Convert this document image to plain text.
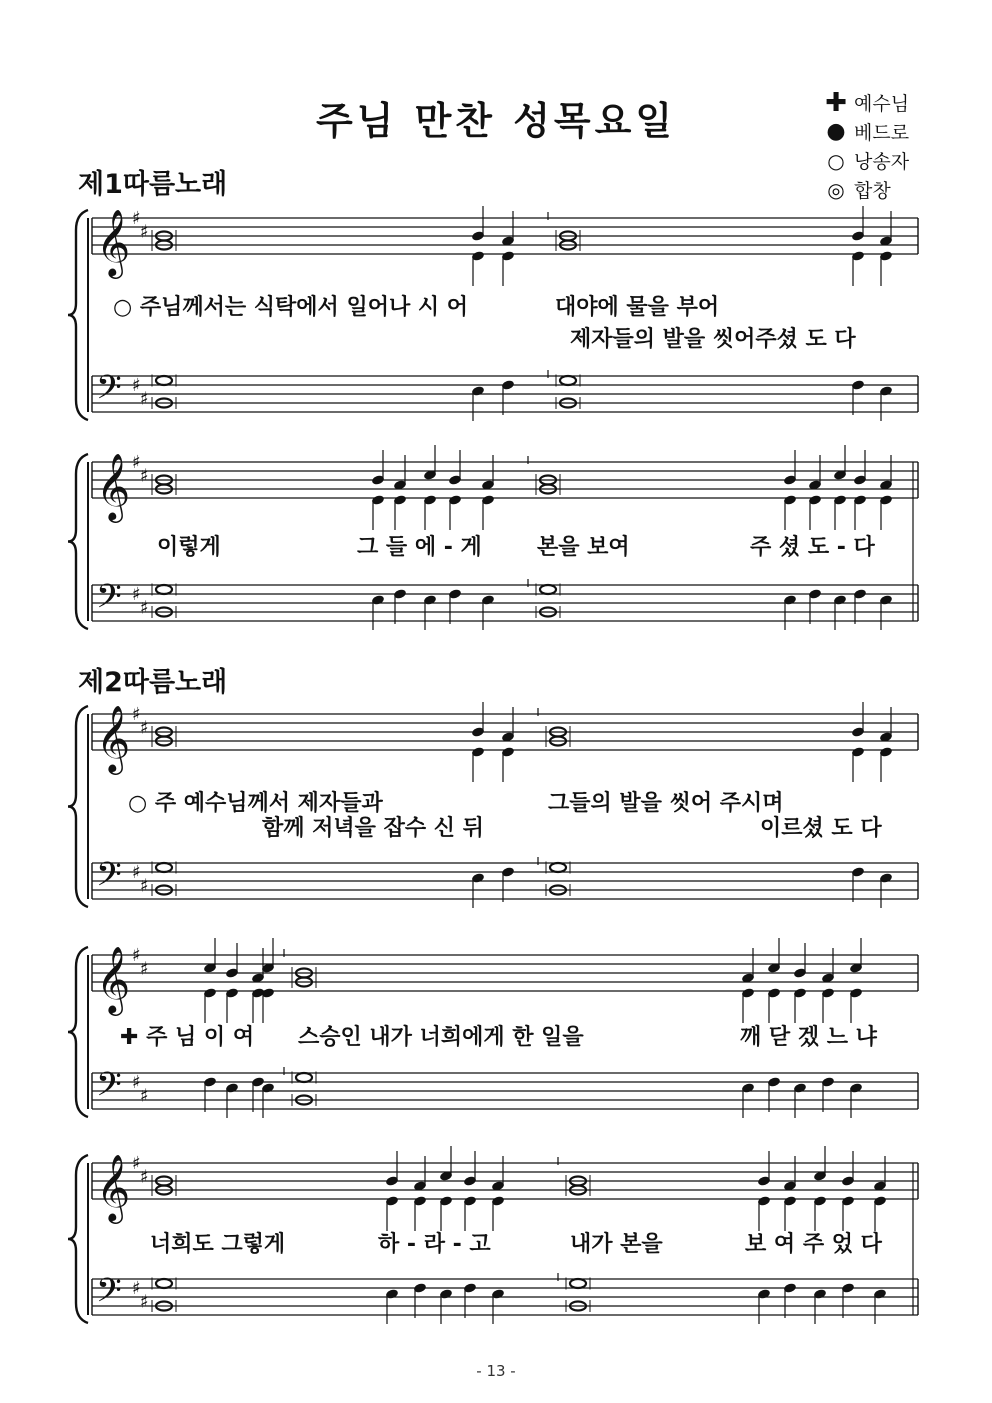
주님 만찬 성목요일	✚ 예수님
● 베드로
○ 낭송자
◎ 합창
제1따름노래
제2따름노래
𝄞 ♯
♯
𝄢 ♯
♯
𝄞 ♯
♯
𝄢 ♯
♯
𝄞 ♯
♯
𝄢 ♯
♯
𝄞 ♯
♯
𝄢 ♯
♯
𝄞 ♯
♯
𝄢 ♯
♯
○ 주님께서는 식탁에서 일어나 시 어	대야에 물을 부어
제자들의 발을 씻어주셨 도 다
이렇게	그 들 에 - 게	본을 보여	주 셨 도 - 다
○ 주 예수님께서 제자들과	그들의 발을 씻어 주시며
함께 저녁을 잡수 신 뒤	이르셨 도 다
✚ 주 님 이 여 스승인 내가 너희에게 한 일을	깨 닫 겠 느 냐
너희도 그렇게	하 - 라 - 고	내가 본을	보 여 주 었 다
- 13 -
